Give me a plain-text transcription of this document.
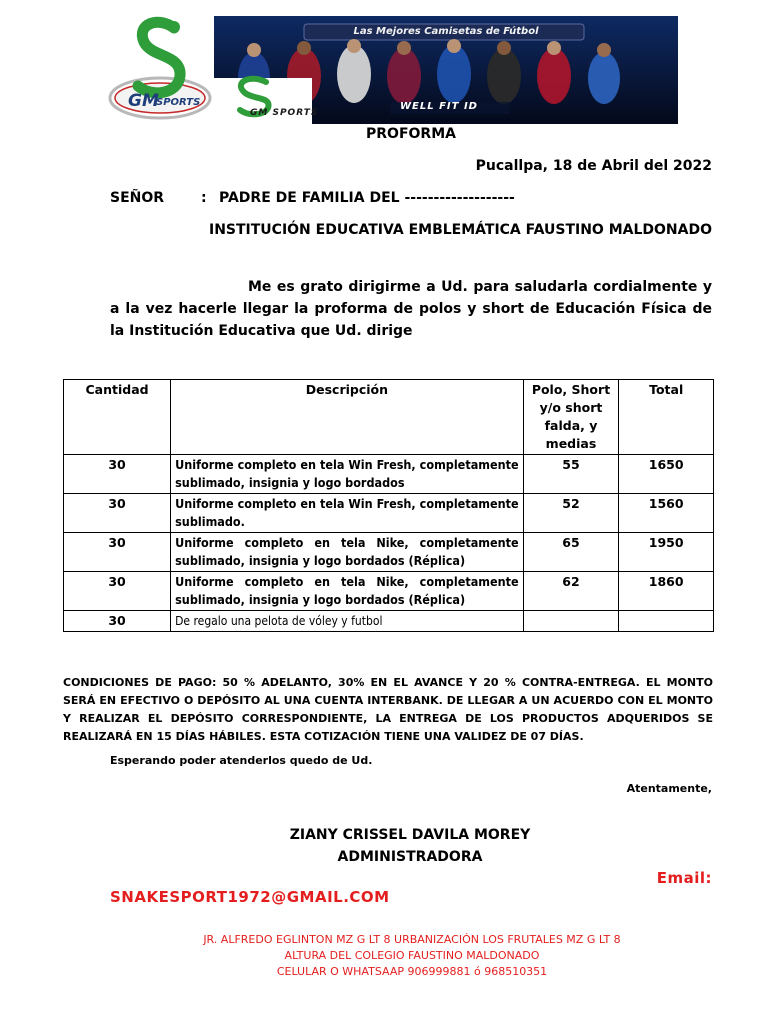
GM
SPORTS
Las Mejores Camisetas de Fútbol
WELL FIT ID
GM SPORTS
PROFORMA
Pucallpa, 18 de Abril del 2022
SEÑOR	: PADRE DE FAMILIA DEL -------------------
INSTITUCIÓN EDUCATIVA EMBLEMÁTICA FAUSTINO MALDONADO
Me es grato dirigirme a Ud. para saludarla cordialmente y a la vez hacerle llegar la proforma de polos y short de Educación Física de la Institución Educativa que Ud. dirige
Cantidad	Descripción	Polo, Short y/o short falda, y medias	Total
30	Uniforme completo en tela Win Fresh, completamente sublimado, insignia y logo bordados	55	1650
30	Uniforme completo en tela Win Fresh, completamente sublimado.	52	1560
30	Uniforme completo en tela Nike, completamente sublimado, insignia y logo bordados (Réplica)	65	1950
30	Uniforme completo en tela Nike, completamente sublimado, insignia y logo bordados (Réplica)	62	1860
30	De regalo una pelota de vóley y futbol		
CONDICIONES DE PAGO: 50 % ADELANTO, 30% EN EL AVANCE Y 20 % CONTRA-ENTREGA. EL MONTO SERÁ EN EFECTIVO O DEPÓSITO AL UNA CUENTA INTERBANK. DE LLEGAR A UN ACUERDO CON EL MONTO Y REALIZAR EL DEPÓSITO CORRESPONDIENTE, LA ENTREGA DE LOS PRODUCTOS ADQUERIDOS SE REALIZARÁ EN 15 DÍAS HÁBILES. ESTA COTIZACIÓN TIENE UNA VALIDEZ DE 07 DÍAS.
Esperando poder atenderlos quedo de Ud.
Atentamente,
ZIANY CRISSEL DAVILA MOREY
ADMINISTRADORA
Email:
SNAKESPORT1972@GMAIL.COM
JR. ALFREDO EGLINTON MZ G LT 8 URBANIZACIÓN LOS FRUTALES MZ G LT 8
ALTURA DEL COLEGIO FAUSTINO MALDONADO
CELULAR O WHATSAAP 906999881 ó 968510351
